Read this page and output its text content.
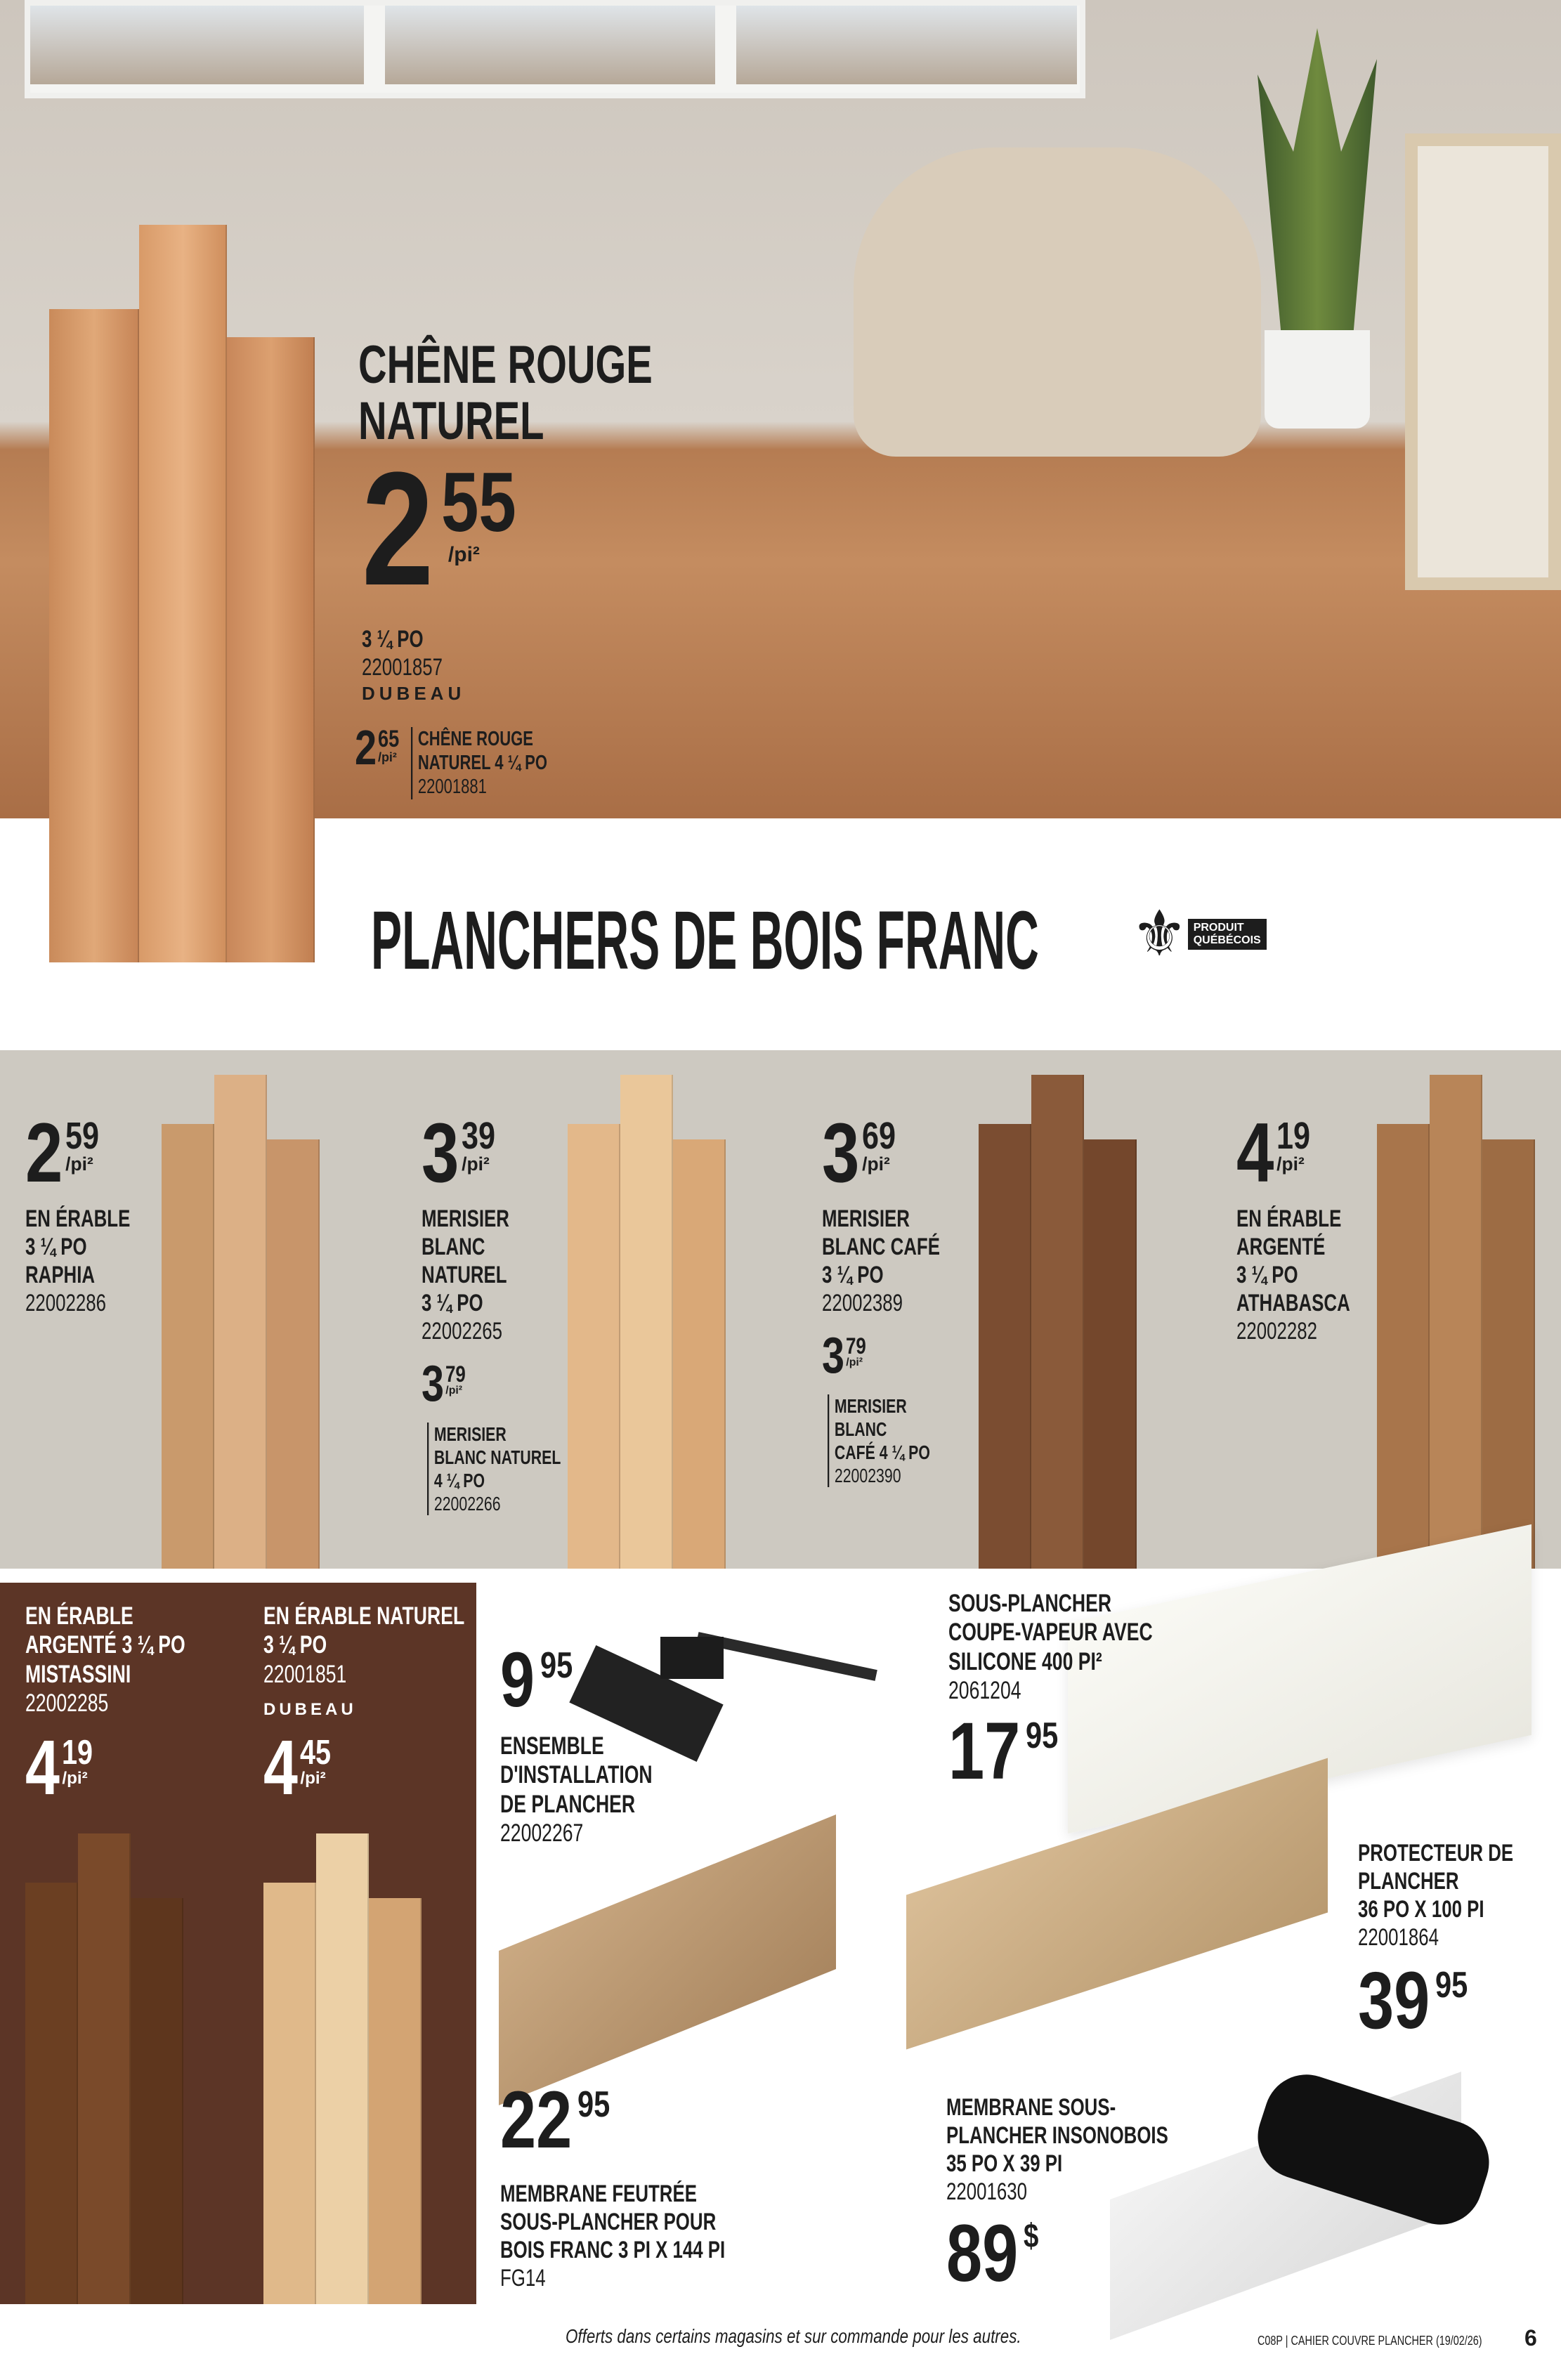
CHÊNE ROUGE
NATUREL
2 55
/pi²
3 ¼ PO
22001857
DUBEAU
2 65
/pi²
CHÊNE ROUGE
NATUREL 4 ¼ PO
22001881
PLANCHERS DE BOIS FRANC ⚜ PRODUIT
QUÉBÉCOIS
2 59
/pi²
EN ÉRABLE
3 ¼ PO
RAPHIA
22002286
3 39
/pi²
MERISIER
BLANC
NATUREL
3 ¼ PO
22002265
3 79
/pi²
MERISIER
BLANC NATUREL
4 ¼ PO
22002266
3 69
/pi²
MERISIER
BLANC CAFÉ
3 ¼ PO
22002389
3 79
/pi²
MERISIER
BLANC
CAFÉ 4 ¼ PO
22002390
4 19
/pi²
EN ÉRABLE
ARGENTÉ
3 ¼ PO
ATHABASCA
22002282
EN ÉRABLE
ARGENTÉ 3 ¼ PO
MISTASSINI
22002285
4 19
/pi²
EN ÉRABLE NATUREL
3 ¼ PO
22001851
DUBEAU
4 45
/pi²
9 95
ENSEMBLE
D'INSTALLATION
DE PLANCHER
22002267
SOUS-PLANCHER
COUPE-VAPEUR AVEC
SILICONE 400 PI²
2061204
17 95
PROTECTEUR DE
PLANCHER
36 PO X 100 PI
22001864
39 95
22 95
MEMBRANE FEUTRÉE
SOUS-PLANCHER POUR
BOIS FRANC 3 PI X 144 PI
FG14
MEMBRANE SOUS-
PLANCHER INSONOBOIS
35 PO X 39 PI
22001630
89 $
Offerts dans certains magasins et sur commande pour les autres.	C08P | CAHIER COUVRE PLANCHER (19/02/26) 6
